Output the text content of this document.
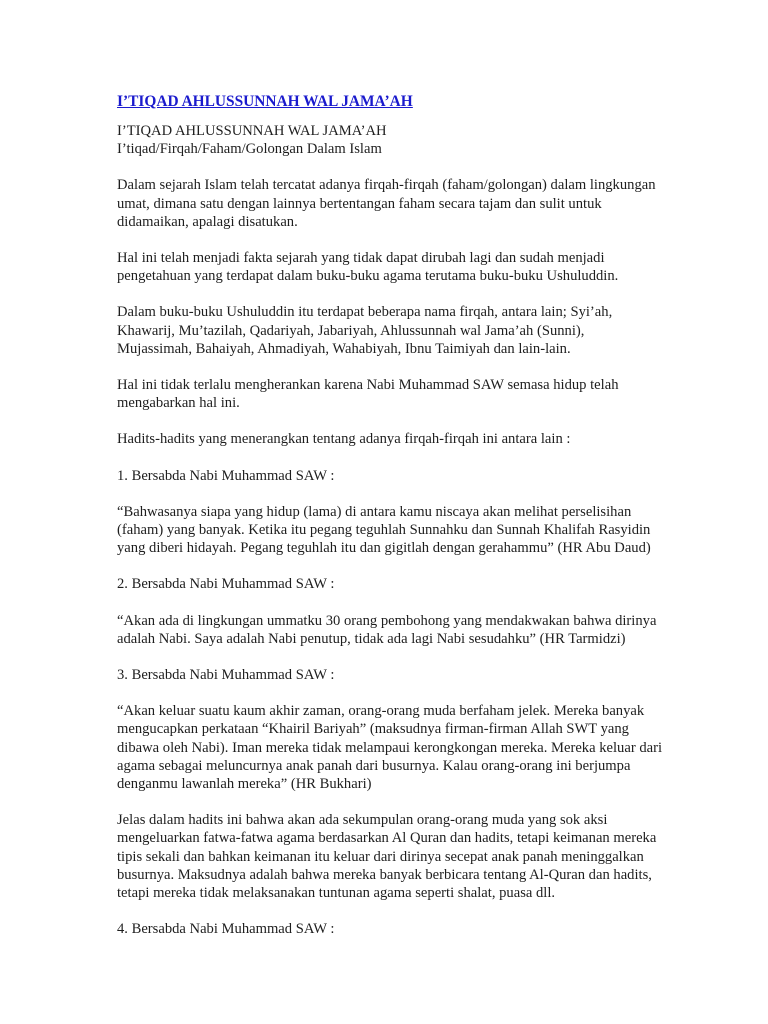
I’TIQAD AHLUSSUNNAH WAL JAMA’AH

I’TIQAD AHLUSSUNNAH WAL JAMA’AH
I’tiqad/Firqah/Faham/Golongan Dalam Islam

Dalam sejarah Islam telah tercatat adanya firqah-firqah (faham/golongan) dalam lingkungan umat, dimana satu dengan lainnya bertentangan faham secara tajam dan sulit untuk didamaikan, apalagi disatukan.

Hal ini telah menjadi fakta sejarah yang tidak dapat dirubah lagi dan sudah menjadi pengetahuan yang terdapat dalam buku-buku agama terutama buku-buku Ushuluddin.

Dalam buku-buku Ushuluddin itu terdapat beberapa nama firqah, antara lain; Syi’ah, Khawarij, Mu’tazilah, Qadariyah, Jabariyah, Ahlussunnah wal Jama’ah (Sunni), Mujassimah, Bahaiyah, Ahmadiyah, Wahabiyah, Ibnu Taimiyah dan lain-lain.

Hal ini tidak terlalu mengherankan karena Nabi Muhammad SAW semasa hidup telah mengabarkan hal ini.

Hadits-hadits yang menerangkan tentang adanya firqah-firqah ini antara lain :

1. Bersabda Nabi Muhammad SAW :

“Bahwasanya siapa yang hidup (lama) di antara kamu niscaya akan melihat perselisihan (faham) yang banyak. Ketika itu pegang teguhlah Sunnahku dan Sunnah Khalifah Rasyidin yang diberi hidayah. Pegang teguhlah itu dan gigitlah dengan gerahammu” (HR Abu Daud)

2. Bersabda Nabi Muhammad SAW :

“Akan ada di lingkungan ummatku 30 orang pembohong yang mendakwakan bahwa dirinya adalah Nabi. Saya adalah Nabi penutup, tidak ada lagi Nabi sesudahku” (HR Tarmidzi)

3. Bersabda Nabi Muhammad SAW :

“Akan keluar suatu kaum akhir zaman, orang-orang muda berfaham jelek. Mereka banyak mengucapkan perkataan “Khairil Bariyah” (maksudnya firman-firman Allah SWT yang dibawa oleh Nabi). Iman mereka tidak melampaui kerongkongan mereka. Mereka keluar dari agama sebagai meluncurnya anak panah dari busurnya. Kalau orang-orang ini berjumpa denganmu lawanlah mereka” (HR Bukhari)

Jelas dalam hadits ini bahwa akan ada sekumpulan orang-orang muda yang sok aksi mengeluarkan fatwa-fatwa agama berdasarkan Al Quran dan hadits, tetapi keimanan mereka tipis sekali dan bahkan keimanan itu keluar dari dirinya secepat anak panah meninggalkan busurnya. Maksudnya adalah bahwa mereka banyak berbicara tentang Al-Quran dan hadits, tetapi mereka tidak melaksanakan tuntunan agama seperti shalat, puasa dll.

4. Bersabda Nabi Muhammad SAW :
